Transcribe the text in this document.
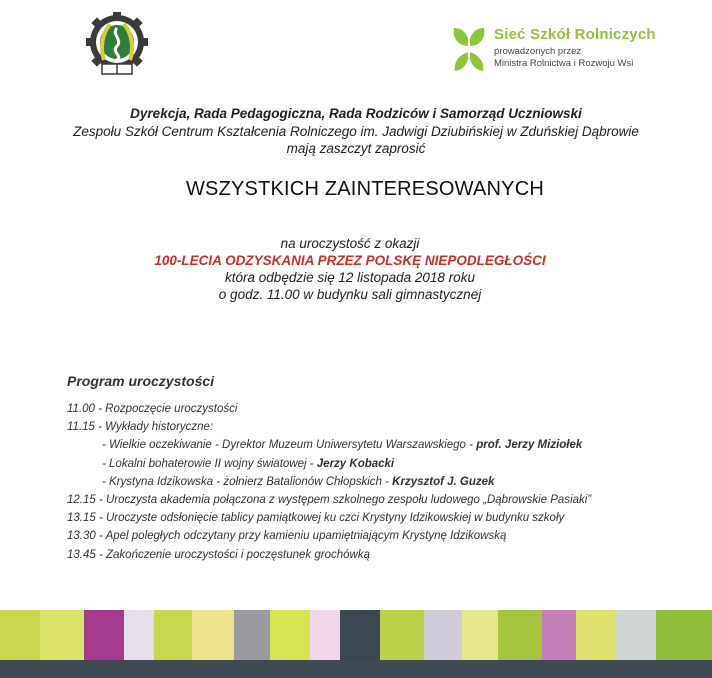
Sieć Szkół Rolniczych
prowadzonych przez
Ministra Rolnictwa i Rozwoju Wsi
Dyrekcja, Rada Pedagogiczna, Rada Rodziców i Samorząd Uczniowski
Zespołu Szkół Centrum Kształcenia Rolniczego im. Jadwigi Dziubińskiej w Zduńskiej Dąbrowie
mają zaszczyt zaprosić
WSZYSTKICH ZAINTERESOWANYCH
na uroczystość z okazji
100-LECIA ODZYSKANIA PRZEZ POLSKĘ NIEPODLEGŁOŚCI
która odbędzie się 12 listopada 2018 roku
o godz. 11.00 w budynku sali gimnastycznej
Program uroczystości
11.00 - Rozpoczęcie uroczystości
11.15 - Wykłady historyczne:
- Wielkie oczekiwanie - Dyrektor Muzeum Uniwersytetu Warszawskiego - prof. Jerzy Miziołek
- Lokalni bohaterowie II wojny światowej - Jerzy Kobacki
- Krystyna Idzikowska - żołnierz Batalionów Chłopskich - Krzysztof J. Guzek
12.15 - Uroczysta akademia połączona z występem szkolnego zespołu ludowego „Dąbrowskie Pasiaki”
13.15 - Uroczyste odsłonięcie tablicy pamiątkowej ku czci Krystyny Idzikowskiej w budynku szkoły
13.30 - Apel poległych odczytany przy kamieniu upamiętniającym Krystynę Idzikowską
13.45 - Zakończenie uroczystości i poczęstunek grochówką
